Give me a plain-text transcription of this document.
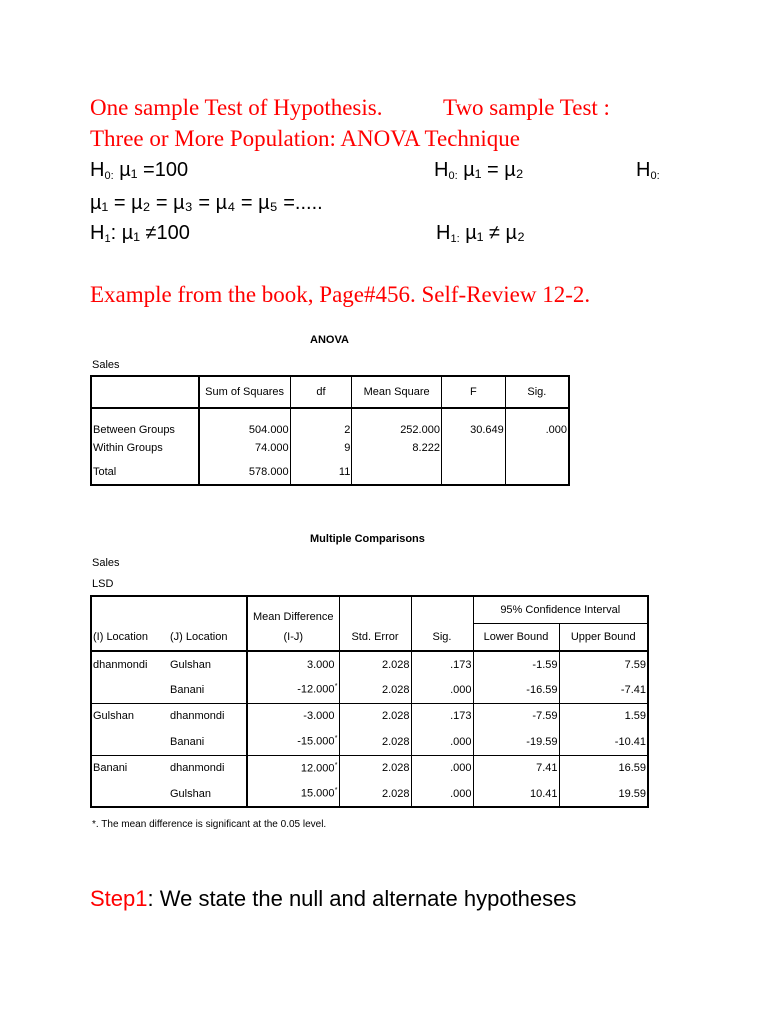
One sample Test of Hypothesis.	Two sample Test :
Three or More Population: ANOVA Technique
$H_{0:}$ µ₁ =100	$H_{0:}$ µ₁ = µ₂	$H_{0:}$
µ₁ = µ₂ = µ₃ = µ₄ = µ₅ =.....
$H_1$: µ₁ ≠100	$H_{1:}$ µ₁ ≠ µ₂
Example from the book, Page#456. Self-Review 12-2.
ANOVA
Sales
	Sum of Squares	df	Mean Square	F	Sig.
Between Groups	504.000	2	252.000	30.649	.000
Within Groups	74.000	9	8.222		
Total	578.000	11			
Multiple Comparisons
Sales
LSD
		Mean Difference			95% Confidence Interval	
(I) Location	(J) Location	(I-J)	Std. Error	Sig.	Lower Bound	Upper Bound
dhanmondi	Gulshan	3.000	2.028	.173	-1.59	7.59
	Banani	-12.000*	2.028	.000	-16.59	-7.41
Gulshan	dhanmondi	-3.000	2.028	.173	-7.59	1.59
	Banani	-15.000*	2.028	.000	-19.59	-10.41
Banani	dhanmondi	12.000*	2.028	.000	7.41	16.59
	Gulshan	15.000*	2.028	.000	10.41	19.59
*. The mean difference is significant at the 0.05 level.
Step1: We state the null and alternate hypotheses
